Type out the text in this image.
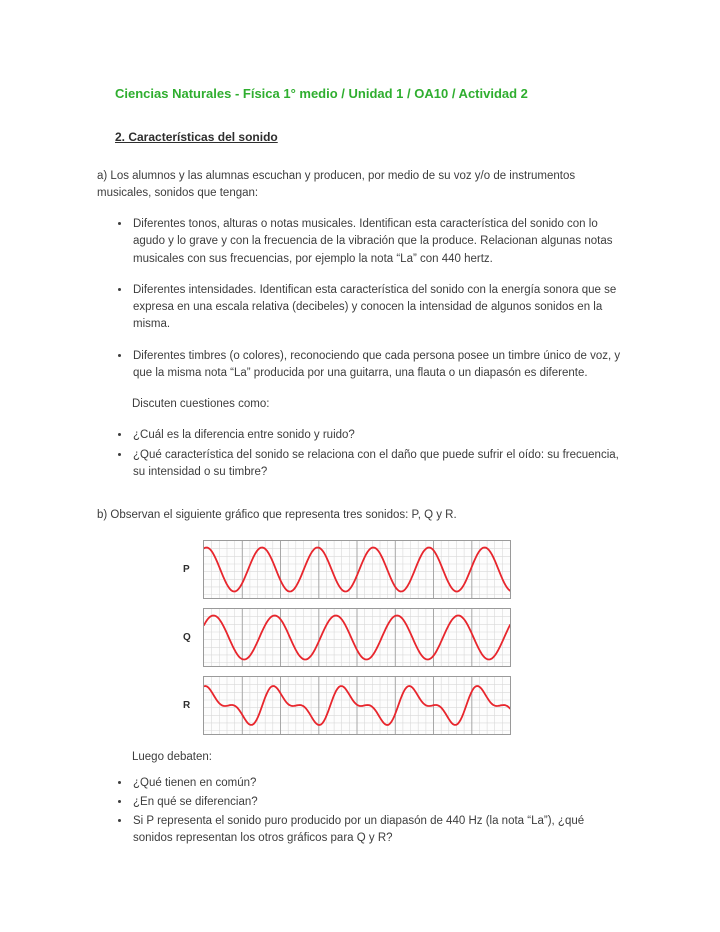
Ciencias Naturales - Física 1° medio / Unidad 1 / OA10 / Actividad 2
2. Características del sonido

a) Los alumnos y las alumnas escuchan y producen, por medio de su voz y/o de instrumentos musicales, sonidos que tengan:

• Diferentes tonos, alturas o notas musicales. Identifican esta característica del sonido con lo agudo y lo grave y con la frecuencia de la vibración que la produce. Relacionan algunas notas musicales con sus frecuencias, por ejemplo la nota “La” con 440 hertz.
• Diferentes intensidades. Identifican esta característica del sonido con la energía sonora que se expresa en una escala relativa (decibeles) y conocen la intensidad de algunos sonidos en la misma.
• Diferentes timbres (o colores), reconociendo que cada persona posee un timbre único de voz, y que la misma nota “La” producida por una guitarra, una flauta o un diapasón es diferente.

Discuten cuestiones como:

• ¿Cuál es la diferencia entre sonido y ruido?
• ¿Qué característica del sonido se relaciona con el daño que puede sufrir el oído: su frecuencia, su intensidad o su timbre?

b) Observan el siguiente gráfico que representa tres sonidos: P, Q y R.

P
Q
R

Luego debaten:

• ¿Qué tienen en común?
• ¿En qué se diferencian?
• Si P representa el sonido puro producido por un diapasón de 440 Hz (la nota “La”), ¿qué sonidos representan los otros gráficos para Q y R?
